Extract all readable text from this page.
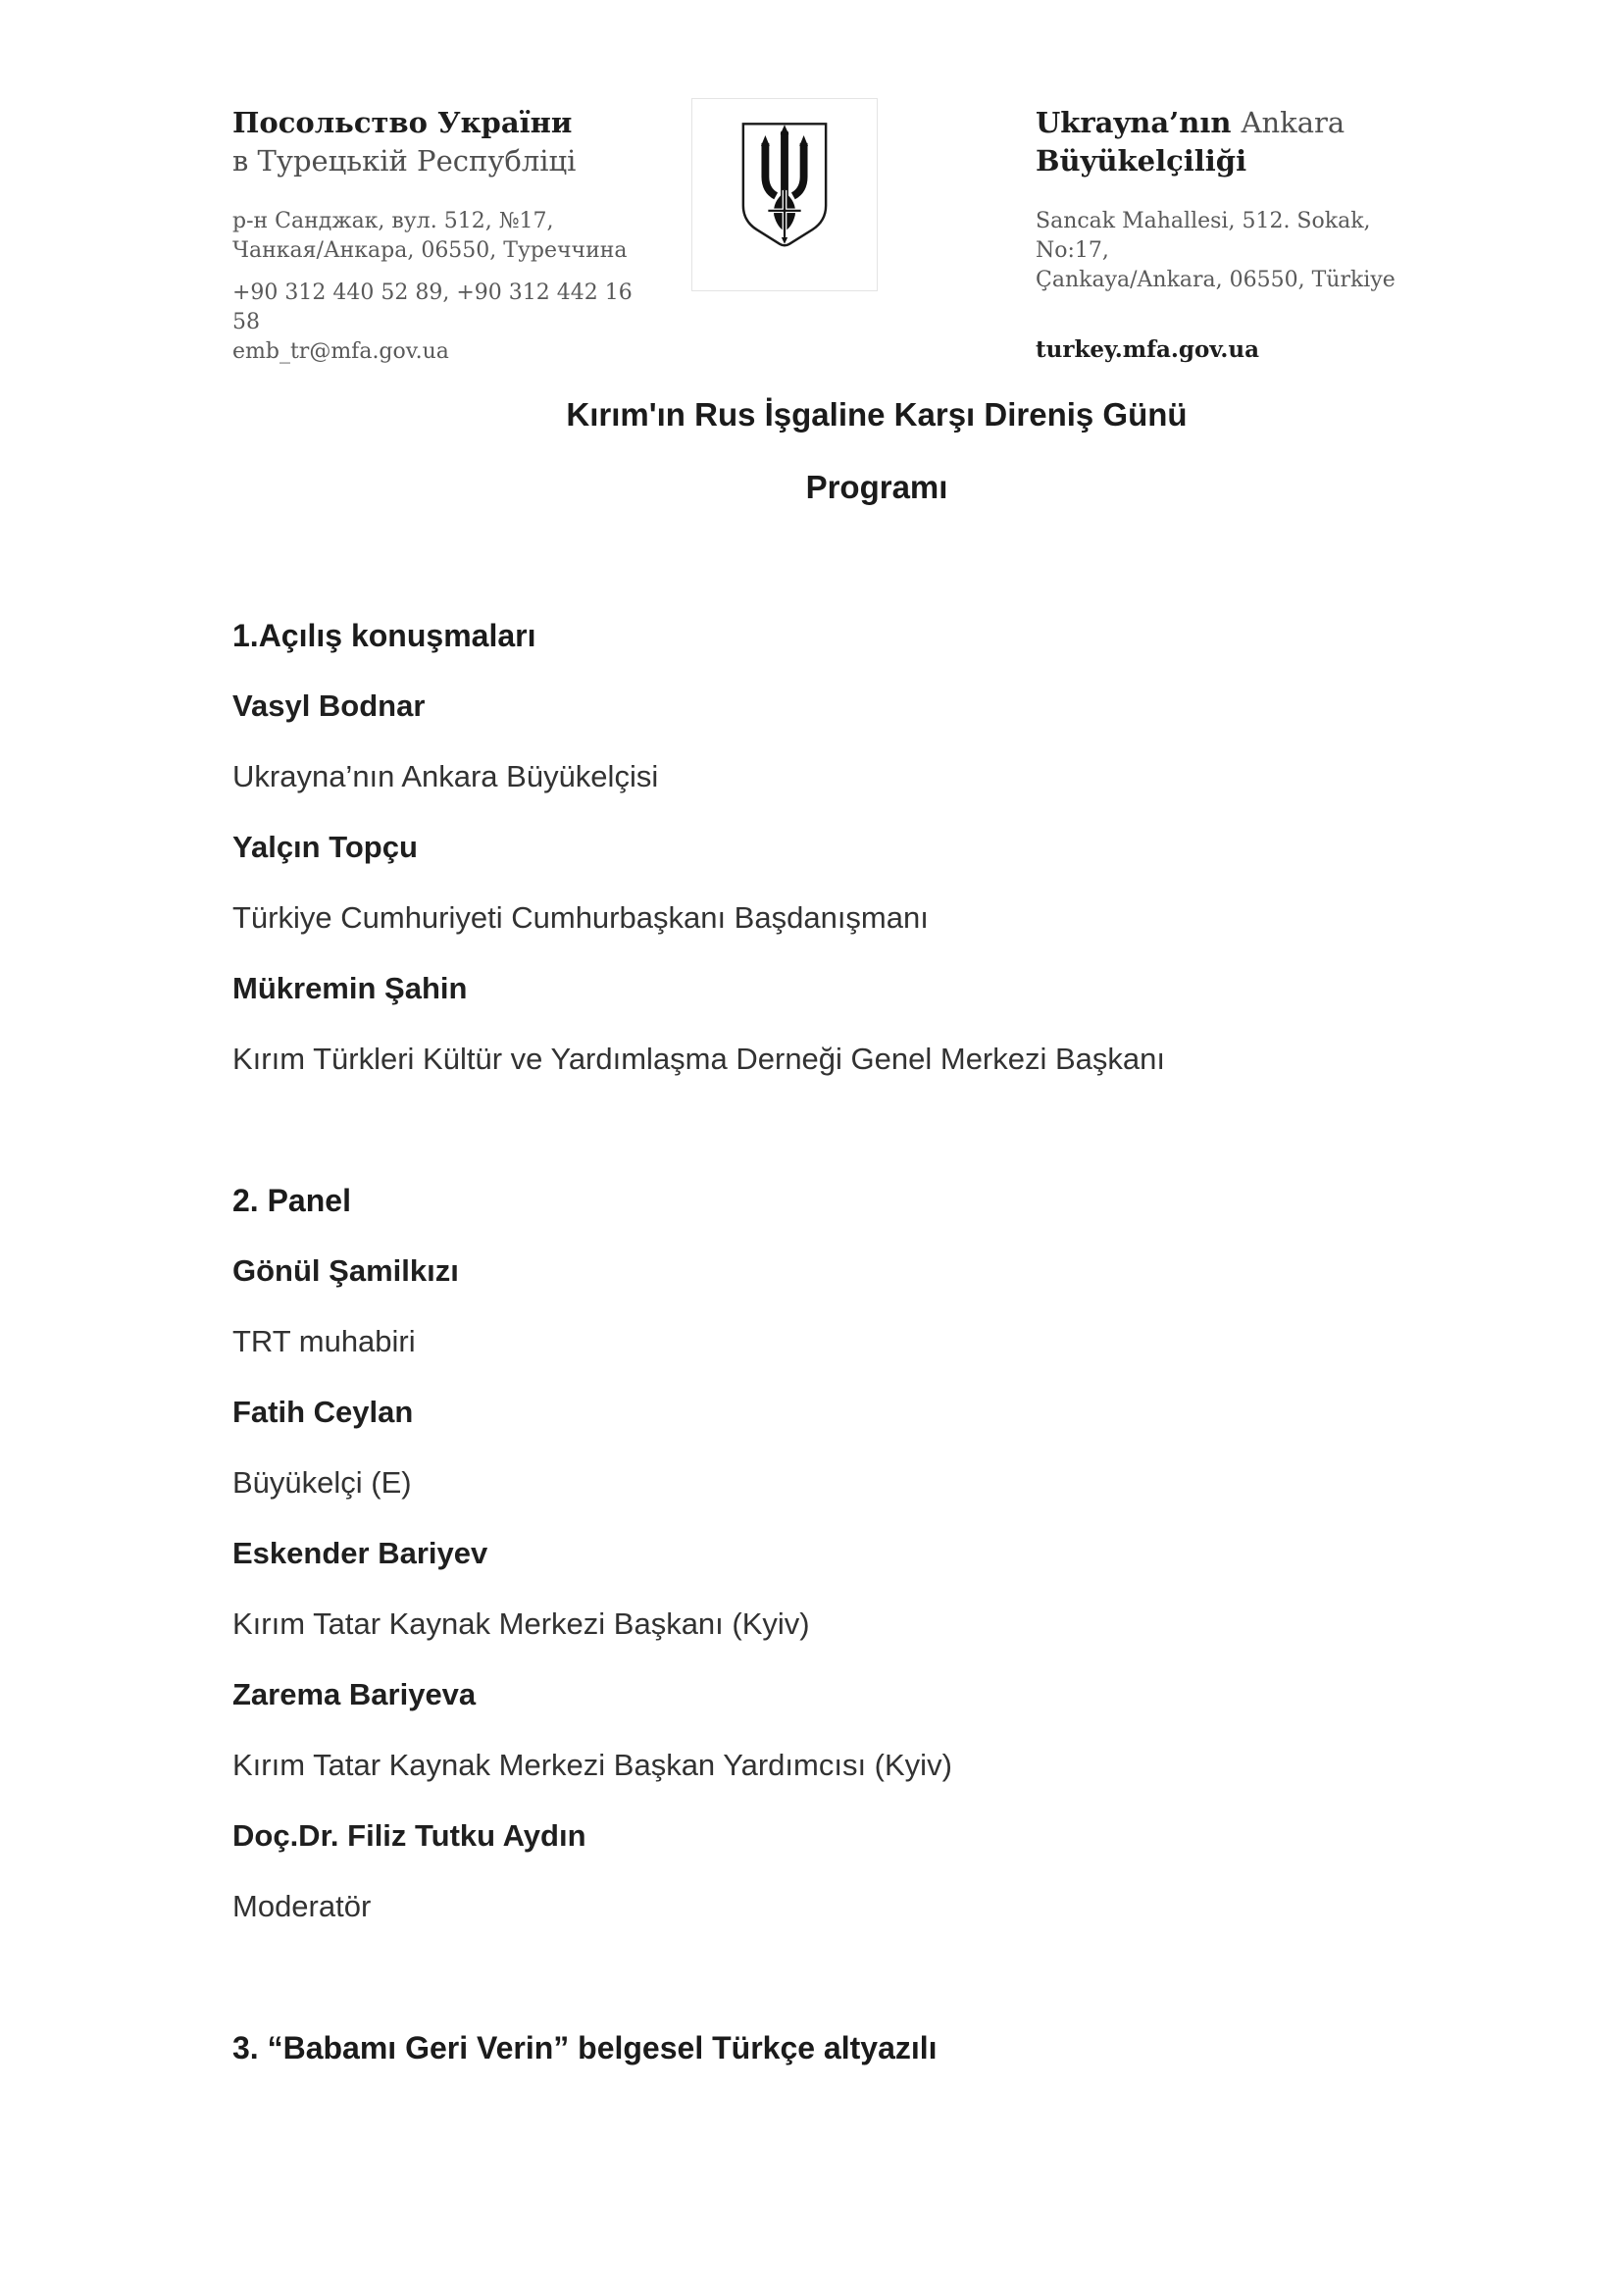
Посольство України
в Турецькій Республіці
р-н Санджак, вул. 512, №17,
Чанкая/Анкара, 06550, Туреччина
+90 312 440 52 89, +90 312 442 16 58
emb_tr@mfa.gov.ua
Ukrayna’nın Ankara
Büyükelçiliği
Sancak Mahallesi, 512. Sokak, No:17,
Çankaya/Ankara, 06550, Türkiye
turkey.mfa.gov.ua
Kırım'ın Rus İşgaline Karşı Direniş Günü
Programı

1.Açılış konuşmaları

Vasyl Bodnar

Ukrayna’nın Ankara Büyükelçisi

Yalçın Topçu

Türkiye Cumhuriyeti Cumhurbaşkanı Başdanışmanı

Mükremin Şahin

Kırım Türkleri Kültür ve Yardımlaşma Derneği Genel Merkezi Başkanı

2. Panel

Gönül Şamilkızı

TRT muhabiri

Fatih Ceylan

Büyükelçi (E)

Eskender Bariyev

Kırım Tatar Kaynak Merkezi Başkanı (Kyiv)

Zarema Bariyeva

Kırım Tatar Kaynak Merkezi Başkan Yardımcısı (Kyiv)

Doç.Dr. Filiz Tutku Aydın

Moderatör

3. “Babamı Geri Verin” belgesel Türkçe altyazılı
